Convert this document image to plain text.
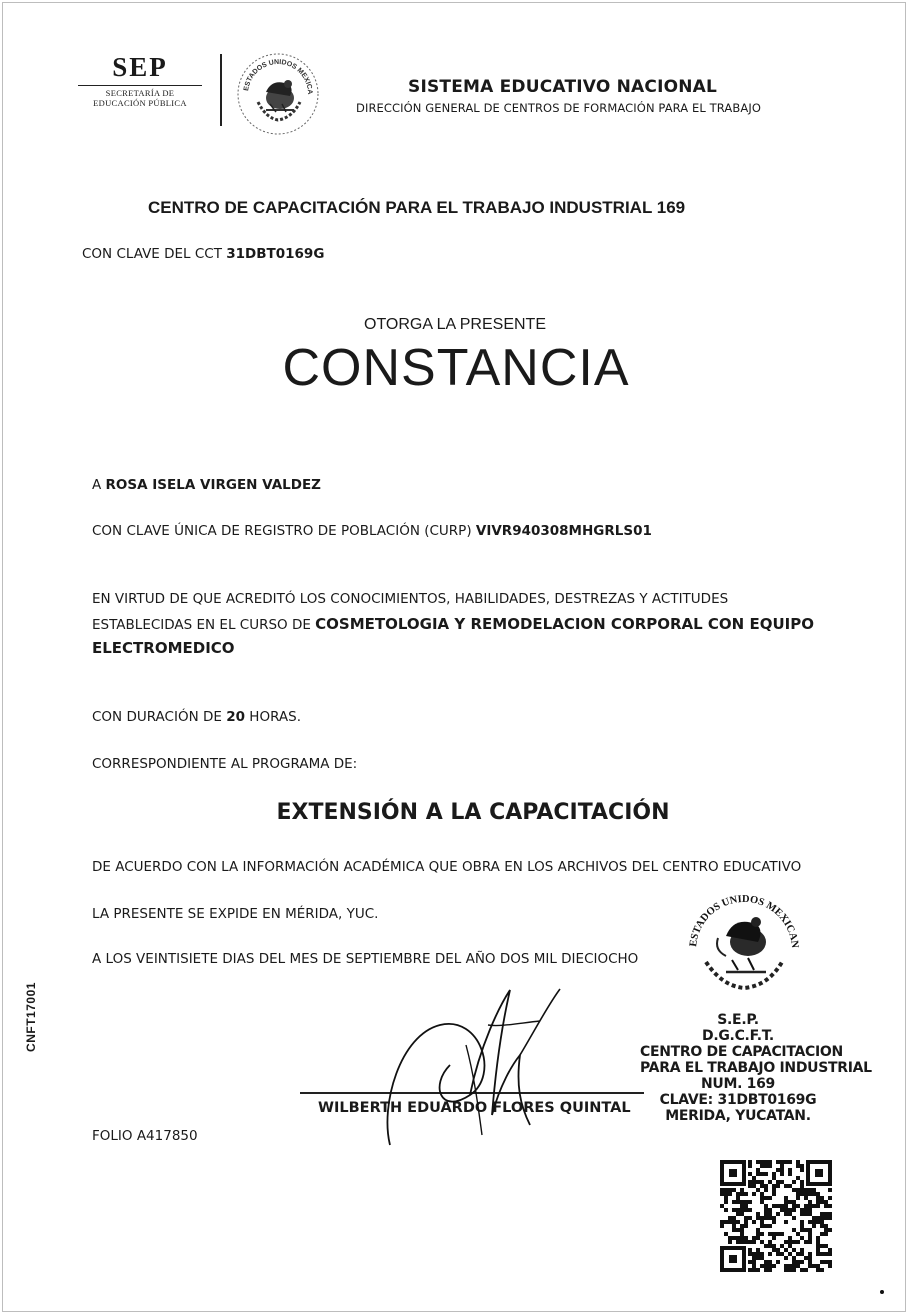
SEP
SECRETARÍA DE
EDUCACIÓN PÚBLICA
ESTADOS UNIDOS MEXICA	SISTEMA EDUCATIVO NACIONAL
DIRECCIÓN GENERAL DE CENTROS DE FORMACIÓN PARA EL TRABAJO
CENTRO DE CAPACITACIÓN PARA EL TRABAJO INDUSTRIAL 169
CON CLAVE DEL CCT 31DBT0169G
OTORGA LA PRESENTE
CONSTANCIA
A ROSA ISELA VIRGEN VALDEZ
CON CLAVE ÚNICA DE REGISTRO DE POBLACIÓN (CURP) VIVR940308MHGRLS01
EN VIRTUD DE QUE ACREDITÓ LOS CONOCIMIENTOS, HABILIDADES, DESTREZAS Y ACTITUDES
ESTABLECIDAS EN EL CURSO DE COSMETOLOGIA Y REMODELACION CORPORAL CON EQUIPO
ELECTROMEDICO
CON DURACIÓN DE 20 HORAS.
CORRESPONDIENTE AL PROGRAMA DE:
EXTENSIÓN A LA CAPACITACIÓN
DE ACUERDO CON LA INFORMACIÓN ACADÉMICA QUE OBRA EN LOS ARCHIVOS DEL CENTRO EDUCATIVO
LA PRESENTE SE EXPIDE EN MÉRIDA, YUC.
A LOS VEINTISIETE DIAS DEL MES DE SEPTIEMBRE DEL AÑO DOS MIL DIECIOCHO
ESTADOS UNIDOS MEXICAN
S.E.P.
D.G.C.F.T.
CENTRO DE CAPACITACION
PARA EL TRABAJO INDUSTRIAL
NUM. 169
CLAVE: 31DBT0169G
MERIDA, YUCATAN.
WILBERTH EDUARDO FLORES QUINTAL
FOLIO A417850
CNFT17001
